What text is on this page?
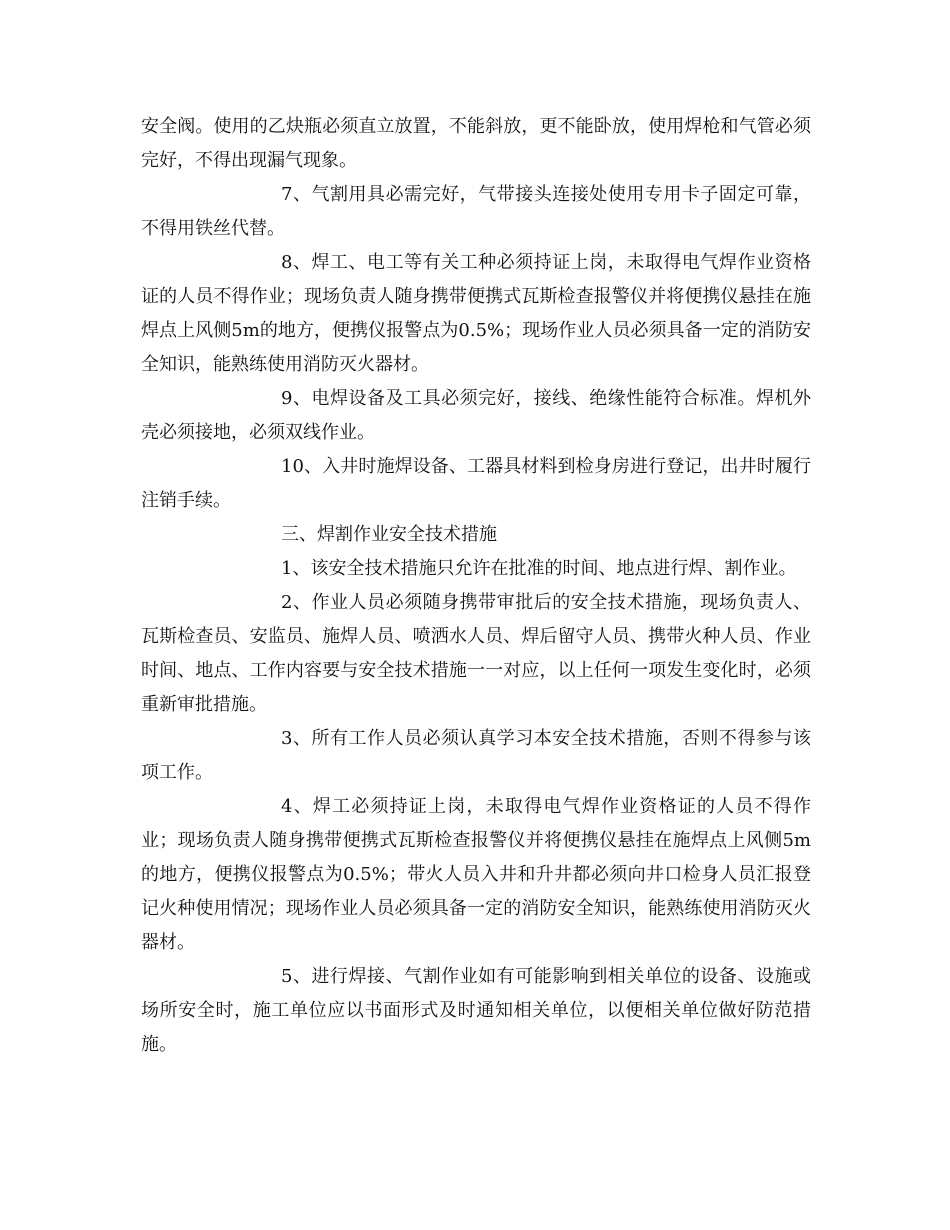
安全阀。使用的乙炔瓶必须直立放置，不能斜放，更不能卧放，使用焊枪和气管必须完好，不得出现漏气现象。

7、气割用具必需完好，气带接头连接处使用专用卡子固定可靠，不得用铁丝代替。

8、焊工、电工等有关工种必须持证上岗，未取得电气焊作业资格证的人员不得作业；现场负责人随身携带便携式瓦斯检查报警仪并将便携仪悬挂在施焊点上风侧5m的地方，便携仪报警点为0.5%；现场作业人员必须具备一定的消防安全知识，能熟练使用消防灭火器材。

9、电焊设备及工具必须完好，接线、绝缘性能符合标准。焊机外壳必须接地，必须双线作业。

10、入井时施焊设备、工器具材料到检身房进行登记，出井时履行注销手续。

三、焊割作业安全技术措施

1、该安全技术措施只允许在批准的时间、地点进行焊、割作业。

2、作业人员必须随身携带审批后的安全技术措施，现场负责人、瓦斯检查员、安监员、施焊人员、喷洒水人员、焊后留守人员、携带火种人员、作业时间、地点、工作内容要与安全技术措施一一对应，以上任何一项发生变化时，必须重新审批措施。

3、所有工作人员必须认真学习本安全技术措施，否则不得参与该项工作。

4、焊工必须持证上岗，未取得电气焊作业资格证的人员不得作业；现场负责人随身携带便携式瓦斯检查报警仪并将便携仪悬挂在施焊点上风侧5m的地方，便携仪报警点为0.5%；带火人员入井和升井都必须向井口检身人员汇报登记火种使用情况；现场作业人员必须具备一定的消防安全知识，能熟练使用消防灭火器材。

5、进行焊接、气割作业如有可能影响到相关单位的设备、设施或场所安全时，施工单位应以书面形式及时通知相关单位，以便相关单位做好防范措施。
